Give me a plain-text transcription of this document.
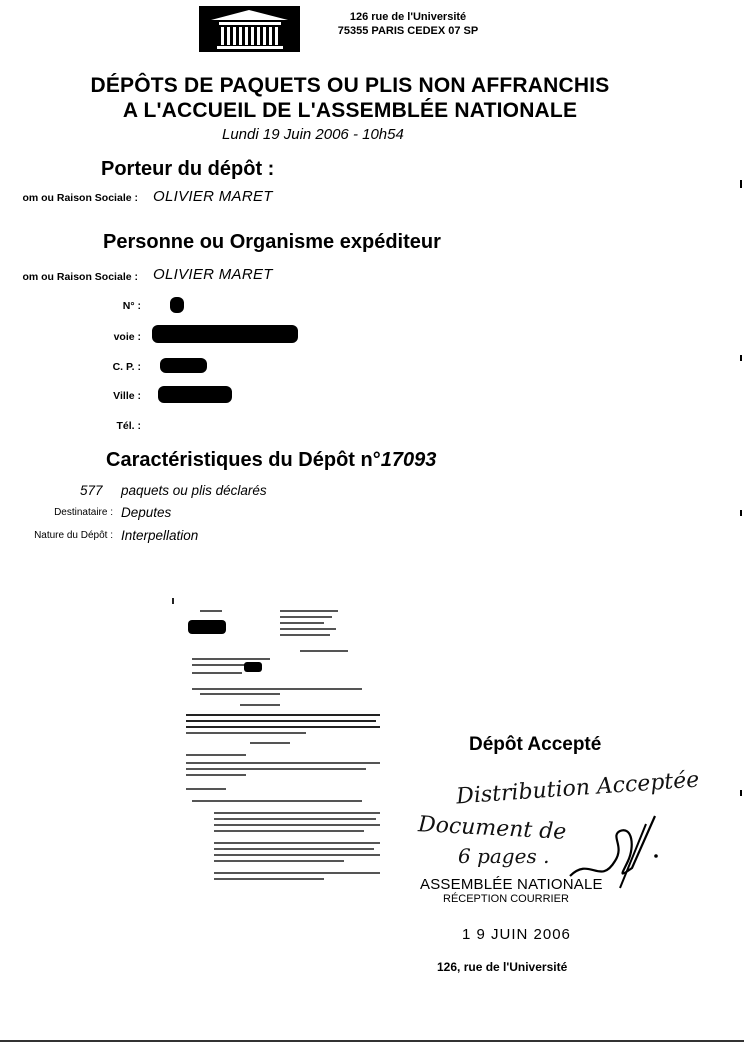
126 rue de l'Université
75355 PARIS CEDEX 07 SP
DÉPÔTS DE PAQUETS OU PLIS NON AFFRANCHIS
A L'ACCUEIL DE L'ASSEMBLÉE NATIONALE
Lundi 19 Juin 2006 - 10h54
Porteur du dépôt :
om ou Raison Sociale : OLIVIER MARET
Personne ou Organisme expéditeur
om ou Raison Sociale : OLIVIER MARET
N° :
voie :
C. P. :
Ville :
Tél. :
Caractéristiques du Dépôt n°17093
577 paquets ou plis déclarés
Destinataire : Deputes
Nature du Dépôt : Interpellation
Dépôt Accepté
Distribution Acceptée
Document de
6 pages .
ASSEMBLÉE NATIONALE
RÉCEPTION COURRIER
1 9 JUIN 2006
126, rue de l'Université
